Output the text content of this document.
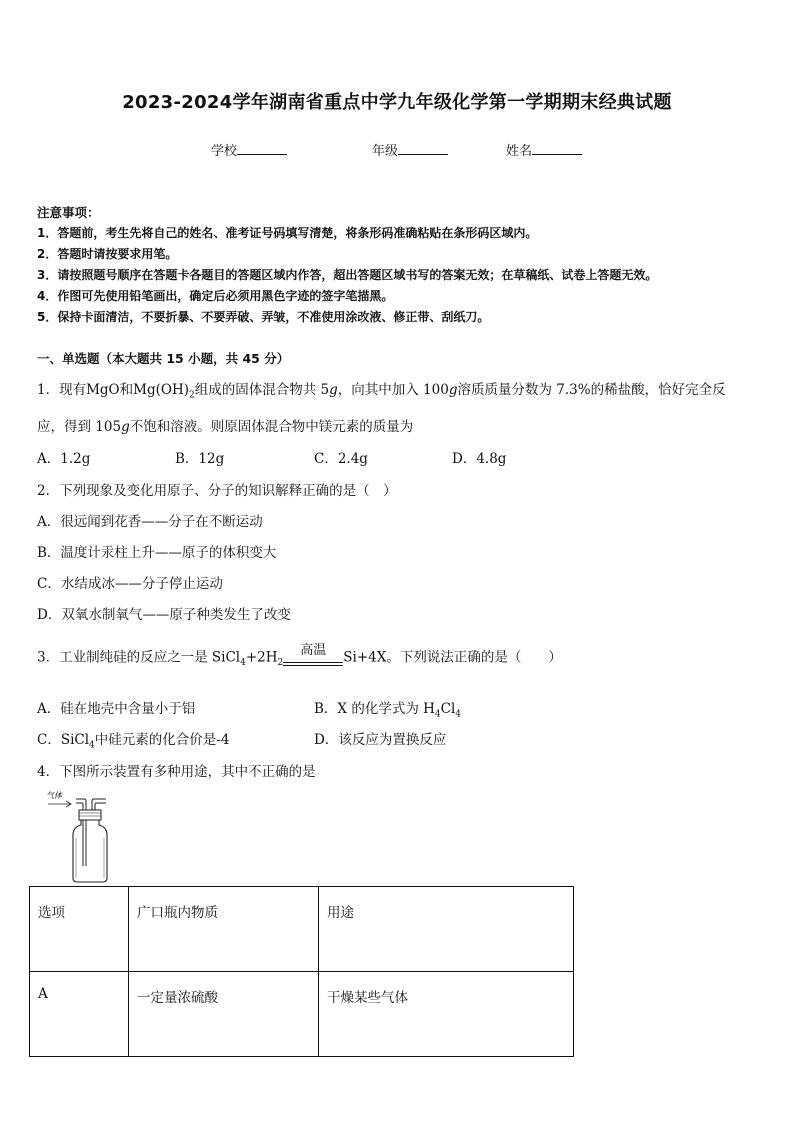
2023-2024学年湖南省重点中学九年级化学第一学期期末经典试题
学校	年级	姓名
注意事项：
1．答题前，考生先将自己的姓名、准考证号码填写清楚，将条形码准确粘贴在条形码区域内。
2．答题时请按要求用笔。
3．请按照题号顺序在答题卡各题目的答题区域内作答，超出答题区域书写的答案无效；在草稿纸、试卷上答题无效。
4．作图可先使用铅笔画出，确定后必须用黑色字迹的签字笔描黑。
5．保持卡面清洁，不要折暴、不要弄破、弄皱，不准使用涂改液、修正带、刮纸刀。
一、单选题（本大题共 15 小题，共 45 分）
1．现有MgO和$Mg(OH)_2$组成的固体混合物共 5g，向其中加入 100g溶质质量分数为 7.3%的稀盐酸，恰好完全反
应，得到 105g不饱和溶液。则原固体混合物中镁元素的质量为
A．1.2g	B．12g	C．2.4g	D．4.8g
2．下列现象及变化用原子、分子的知识解释正确的是（　）
A．很远闻到花香——分子在不断运动
B．温度计汞柱上升——原子的体积变大
C．水结成冰——分子停止运动
D．双氧水制氧气——原子种类发生了改变
3．工业制纯硅的反应之一是 $SiCl_4+2H_2$
高温	Si+4X。下列说法正确的是（　　）
A．硅在地壳中含量小于铝	B．X 的化学式为 $H_4Cl_4$
C．SiCl$_4$中硅元素的化合价是-4	D．该反应为置换反应
4．下图所示装置有多种用途，其中不正确的是
气体
选项	广口瓶内物质	用途
A	一定量浓硫酸	干燥某些气体
